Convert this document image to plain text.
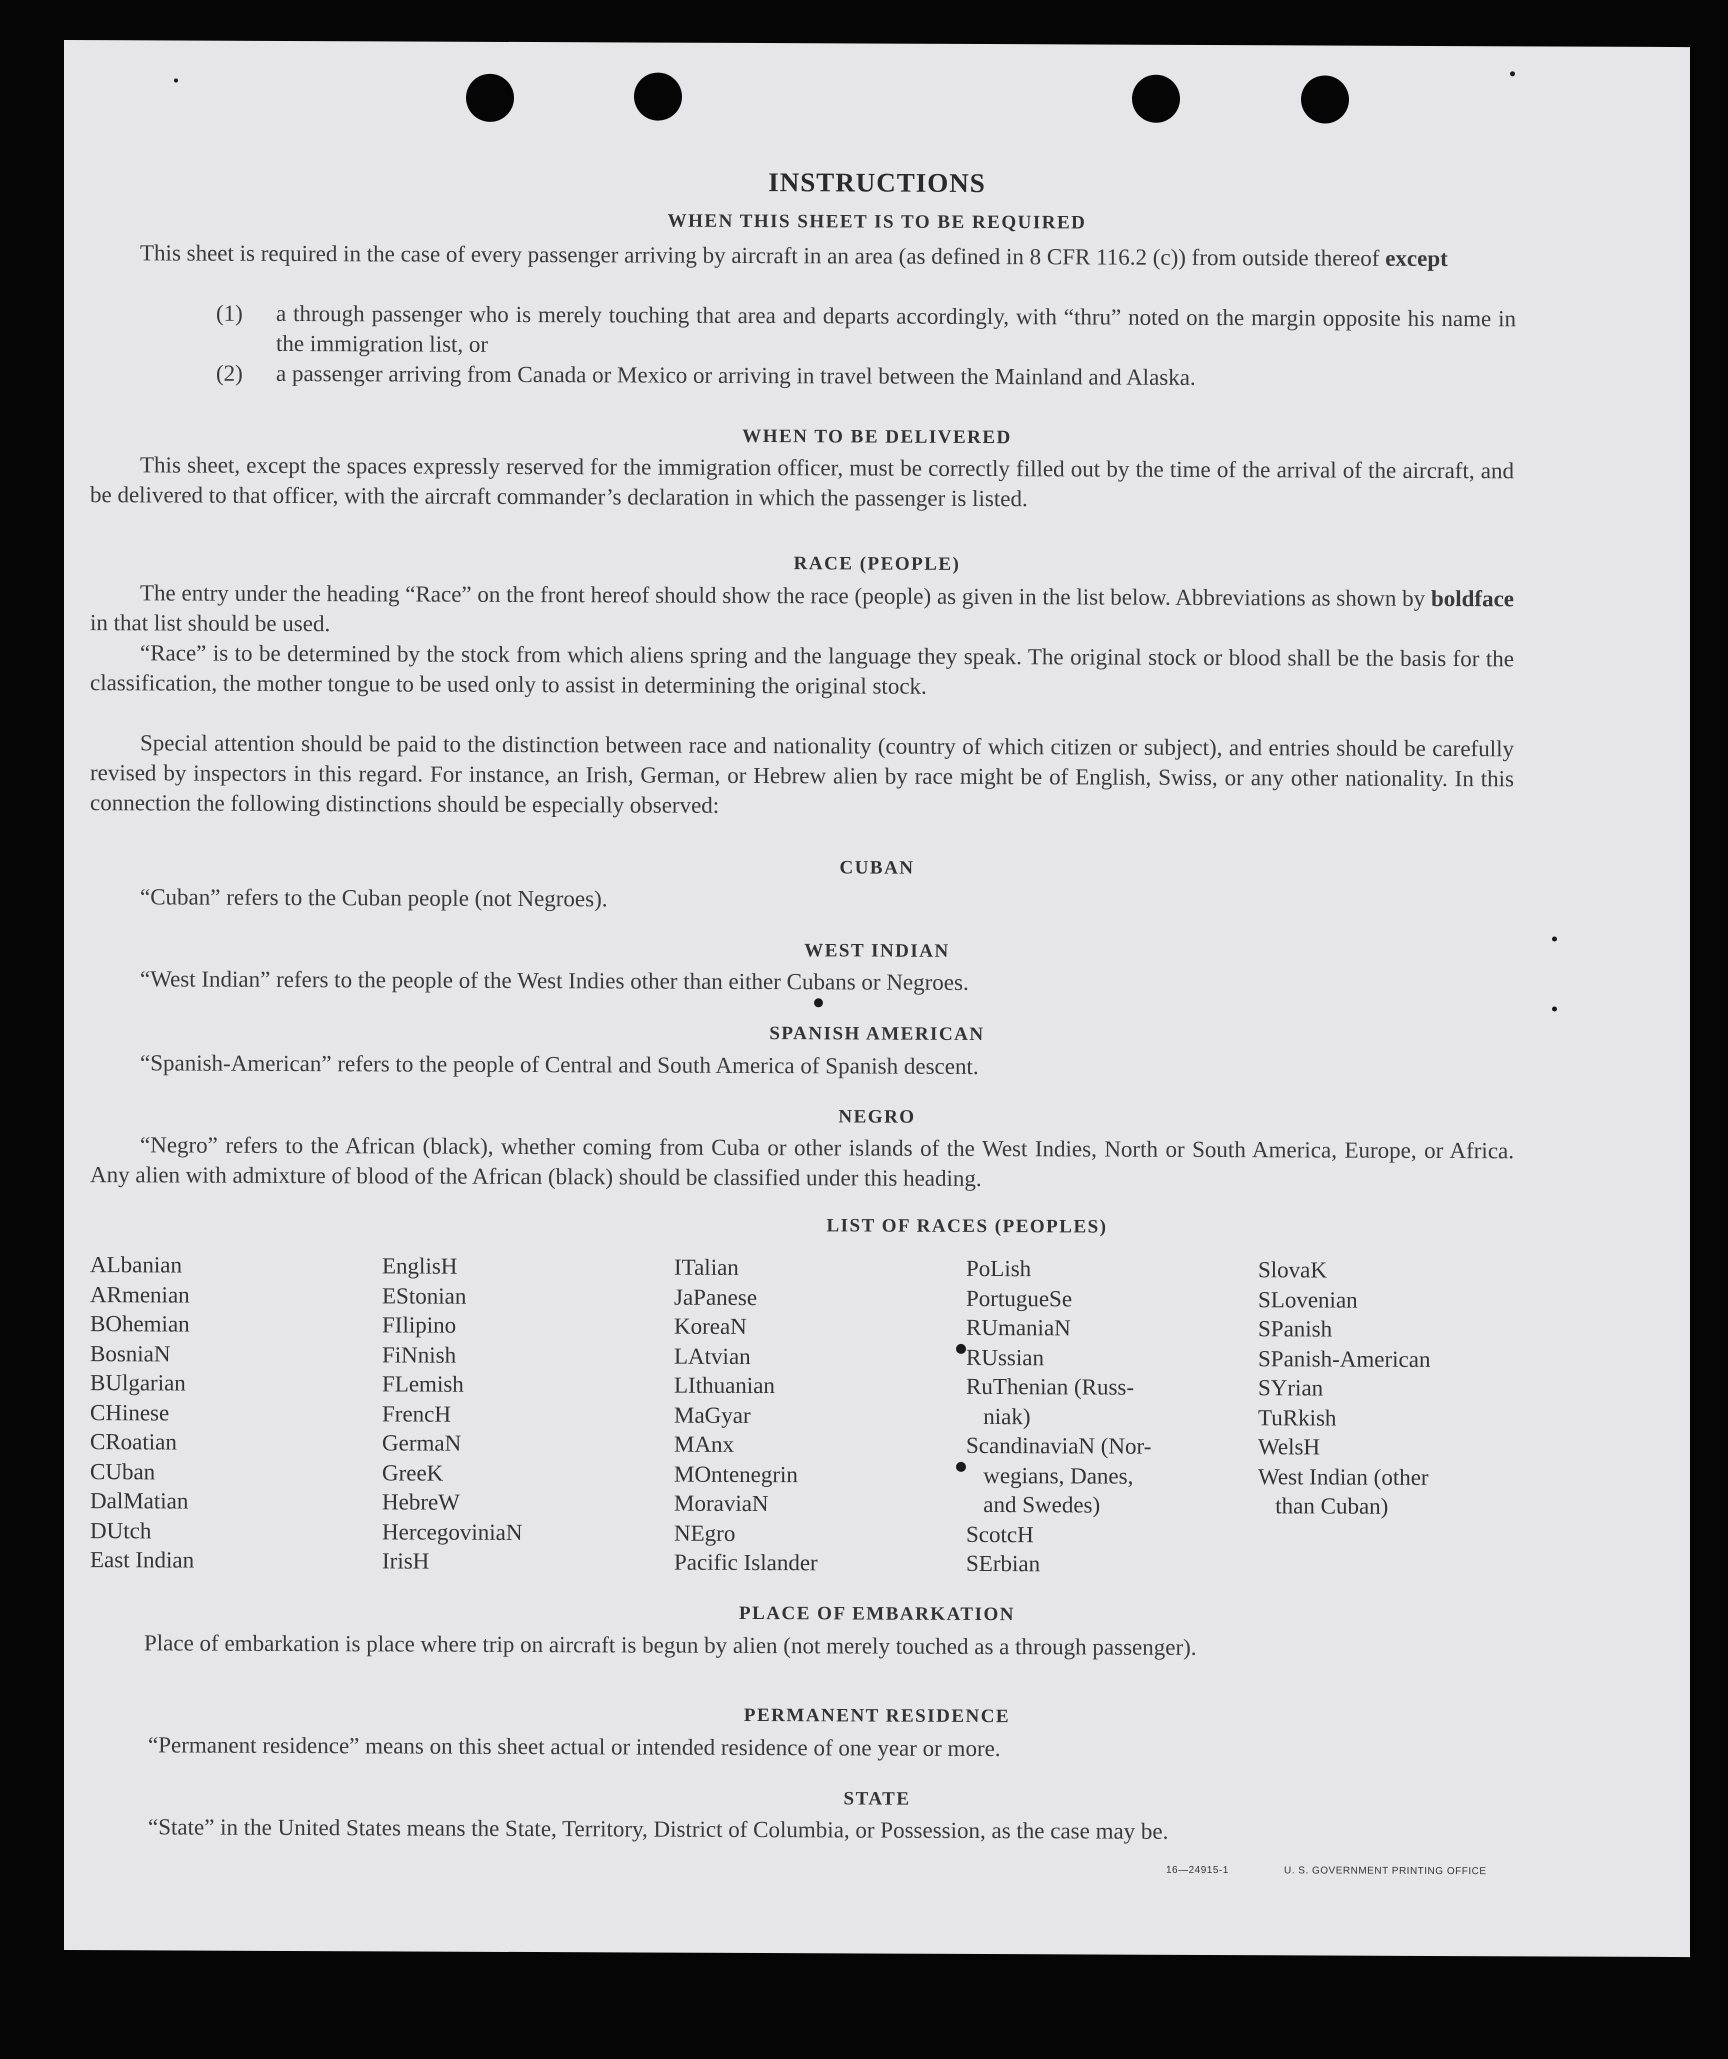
INSTRUCTIONS
WHEN THIS SHEET IS TO BE REQUIRED
This sheet is required in the case of every passenger arriving by aircraft in an area (as defined in 8 CFR 116.2 (c)) from outside thereof except
(1) a through passenger who is merely touching that area and departs accordingly, with “thru” noted on the margin opposite his name in the immigration list, or
(2) a passenger arriving from Canada or Mexico or arriving in travel between the Mainland and Alaska.
WHEN TO BE DELIVERED
This sheet, except the spaces expressly reserved for the immigration officer, must be correctly filled out by the time of the arrival of the aircraft, and be delivered to that officer, with the aircraft commander’s declaration in which the passenger is listed.
RACE (PEOPLE)
The entry under the heading “Race” on the front hereof should show the race (people) as given in the list below. Abbreviations as shown by boldface in that list should be used.
“Race” is to be determined by the stock from which aliens spring and the language they speak. The original stock or blood shall be the basis for the classification, the mother tongue to be used only to assist in determining the original stock.
Special attention should be paid to the distinction between race and nationality (country of which citizen or subject), and entries should be carefully revised by inspectors in this regard. For instance, an Irish, German, or Hebrew alien by race might be of English, Swiss, or any other nationality. In this connection the following distinctions should be especially observed:
CUBAN
“Cuban” refers to the Cuban people (not Negroes).
WEST INDIAN
“West Indian” refers to the people of the West Indies other than either Cubans or Negroes.
SPANISH AMERICAN
“Spanish-American” refers to the people of Central and South America of Spanish descent.
NEGRO
“Negro” refers to the African (black), whether coming from Cuba or other islands of the West Indies, North or South America, Europe, or Africa. Any alien with admixture of blood of the African (black) should be classified under this heading.
LIST OF RACES (PEOPLES)
ALbanian
ARmenian
BOhemian
BosniaN
BUlgarian
CHinese
CRoatian
CUban
DalMatian
DUtch
East Indian
EnglisH
EStonian
FIlipino
FiNnish
FLemish
FrencH
GermaN
GreeK
HebreW
HercegoviniaN
IrisH
ITalian
JaPanese
KoreaN
LAtvian
LIthuanian
MaGyar
MAnx
MOntenegrin
MoraviaN
NEgro
Pacific Islander
PoLish
PortugueSe
RUmaniaN
RUssian
RuThenian (Russ-
niak)
ScandinaviaN (Nor-
wegians, Danes,
and Swedes)
ScotcH
SErbian
SlovaK
SLovenian
SPanish
SPanish-American
SYrian
TuRkish
WelsH
West Indian (other
than Cuban)
PLACE OF EMBARKATION
Place of embarkation is place where trip on aircraft is begun by alien (not merely touched as a through passenger).
PERMANENT RESIDENCE
“Permanent residence” means on this sheet actual or intended residence of one year or more.
STATE
“State” in the United States means the State, Territory, District of Columbia, or Possession, as the case may be.
16—24915-1	U. S. GOVERNMENT PRINTING OFFICE
